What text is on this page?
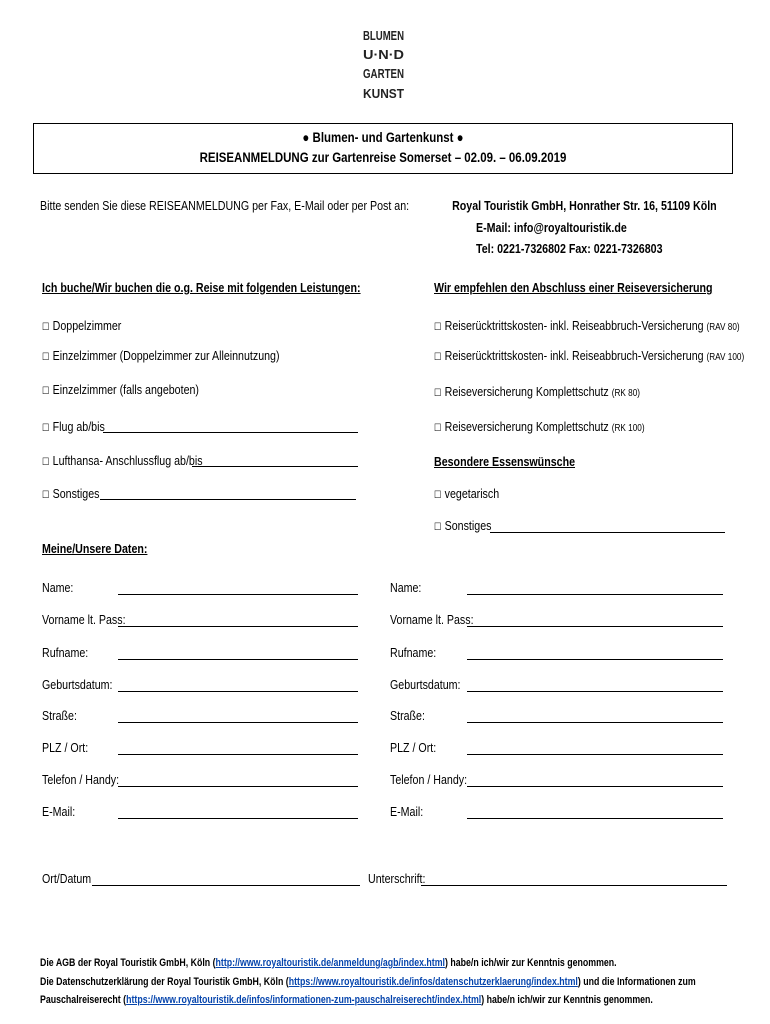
BLUMEN
U·N·D
GARTEN
KUNST
● Blumen- und Gartenkunst ●
REISEANMELDUNG zur Gartenreise Somerset – 02.09. – 06.09.2019
Bitte senden Sie diese REISEANMELDUNG per Fax, E-Mail oder per Post an:	Royal Touristik GmbH, Honrather Str. 16, 51109 Köln
E-Mail: info@royaltouristik.de
Tel: 0221-7326802 Fax: 0221-7326803
Ich buche/Wir buchen die o.g. Reise mit folgenden Leistungen:	Wir empfehlen den Abschluss einer Reiseversicherung
☐ Doppelzimmer
☐ Einzelzimmer (Doppelzimmer zur Alleinnutzung)
☐ Einzelzimmer (falls angeboten)
☐ Flug ab/bis
☐ Lufthansa- Anschlussflug ab/bis
☐ Sonstiges
☐ Reiserücktrittskosten- inkl. Reiseabbruch-Versicherung (RAV 80)
☐ Reiserücktrittskosten- inkl. Reiseabbruch-Versicherung (RAV 100)
☐ Reiseversicherung Komplettschutz (RK 80)
☐ Reiseversicherung Komplettschutz (RK 100)
Besondere Essenswünsche
☐ vegetarisch
☐ Sonstiges
Meine/Unsere Daten:
Name:
Vorname lt. Pass:
Rufname:
Geburtsdatum:
Straße:
PLZ / Ort:
Telefon / Handy:
E-Mail:
Name:
Vorname lt. Pass:
Rufname:
Geburtsdatum:
Straße:
PLZ / Ort:
Telefon / Handy:
E-Mail:
Ort/Datum	Unterschrift:
Die AGB der Royal Touristik GmbH, Köln (http://www.royaltouristik.de/anmeldung/agb/index.html) habe/n ich/wir zur Kenntnis genommen.
Die Datenschutzerklärung der Royal Touristik GmbH, Köln (https://www.royaltouristik.de/infos/datenschutzerklaerung/index.html) und die Informationen zum
Pauschalreiserecht (https://www.royaltouristik.de/infos/informationen-zum-pauschalreiserecht/index.html) habe/n ich/wir zur Kenntnis genommen.
